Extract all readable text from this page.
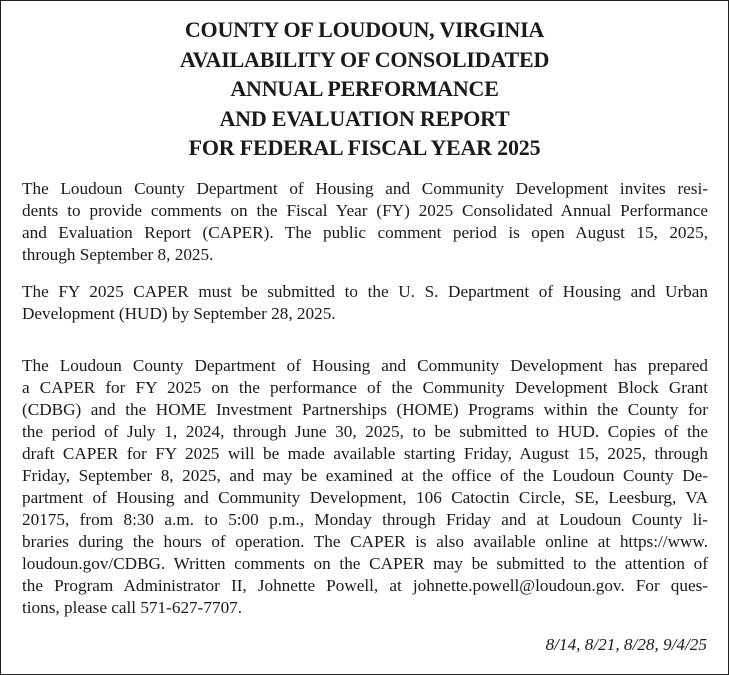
COUNTY OF LOUDOUN, VIRGINIA
AVAILABILITY OF CONSOLIDATED
ANNUAL PERFORMANCE
AND EVALUATION REPORT
FOR FEDERAL FISCAL YEAR 2025
The Loudoun County Department of Housing and Community Development invites resi-
dents to provide comments on the Fiscal Year (FY) 2025 Consolidated Annual Performance
and Evaluation Report (CAPER). The public comment period is open August 15, 2025,
through September 8, 2025.
The FY 2025 CAPER must be submitted to the U. S. Department of Housing and Urban
Development (HUD) by September 28, 2025.
The Loudoun County Department of Housing and Community Development has prepared
a CAPER for FY 2025 on the performance of the Community Development Block Grant
(CDBG) and the HOME Investment Partnerships (HOME) Programs within the County for
the period of July 1, 2024, through June 30, 2025, to be submitted to HUD. Copies of the
draft CAPER for FY 2025 will be made available starting Friday, August 15, 2025, through
Friday, September 8, 2025, and may be examined at the office of the Loudoun County De-
partment of Housing and Community Development, 106 Catoctin Circle, SE, Leesburg, VA
20175, from 8:30 a.m. to 5:00 p.m., Monday through Friday and at Loudoun County li-
braries during the hours of operation. The CAPER is also available online at https://www.
loudoun.gov/CDBG. Written comments on the CAPER may be submitted to the attention of
the Program Administrator II, Johnette Powell, at johnette.powell@loudoun.gov. For ques-
tions, please call 571-627-7707.
8/14, 8/21, 8/28, 9/4/25
